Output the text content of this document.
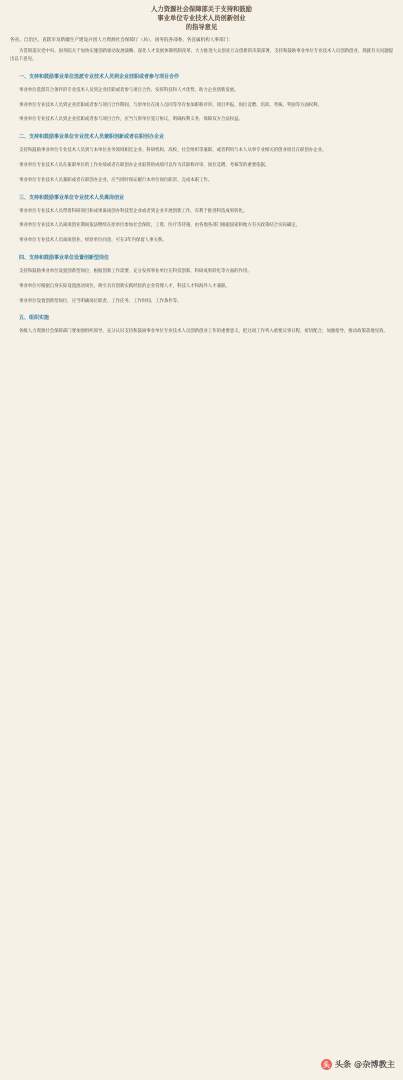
人力资源社会保障部关于支持和鼓励
事业单位专业技术人员创新创业
的指导意见
各省、自治区、直辖市及新疆生产建设兵团人力资源社会保障厅（局），国务院各部委、各直属机构人事部门：

为贯彻落实党中央、国务院关于加快实施创新驱动发展战略、深化人才发展体制机制改革、大力推进大众创业万众创新的决策部署，支持和鼓励事业单位专业技术人员创新创业，现就有关问题提出以下意见。

一、支持和鼓励事业单位选派专业技术人员到企业挂职或者参与项目合作

事业单位选派符合条件的专业技术人员到企业挂职或者参与项目合作，发挥科技和人才优势，助力企业创新发展。

事业单位专业技术人员到企业挂职或者参与项目合作期间，与原单位在岗人员同等享有参加职称评审、项目申报、岗位竞聘、培训、考核、奖励等方面权利。

事业单位专业技术人员到企业挂职或者参与项目合作，应当与原单位签订协议，明确权利义务，保障双方合法权益。

二、支持和鼓励事业单位专业技术人员兼职创新或者在职创办企业

支持和鼓励事业单位专业技术人员到与本单位业务领域相近企业、科研机构、高校、社会组织等兼职，或者利用与本人从事专业相关的创业项目在职创办企业。

事业单位专业技术人员在兼职单位的工作业绩或者在职创办企业取得的成绩可以作为其职称评审、岗位竞聘、考核等的重要依据。

事业单位专业技术人员兼职或者在职创办企业，应当同时保证履行本单位岗位职责、完成本职工作。

三、支持和鼓励事业单位专业技术人员离岗创业

事业单位专业技术人员带着科研项目和成果离岗创办科技型企业或者到企业开展创新工作，有利于推进科技成果转化。

事业单位专业技术人员离岗创业期间依法继续在原单位参加社会保险，工资、医疗等待遇，由各地各部门根据国家和地方有关政策结合实际确定。

事业单位专业技术人员离岗创业，经原单位同意，可在3年内保留人事关系。

四、支持和鼓励事业单位设置创新型岗位

支持和鼓励事业单位设置创新型岗位，根据创新工作需要，充分发挥事业单位在科技创新、科研成果转化等方面的作用。

事业单位可根据自身实际设置流动岗位，吸引具有创新实践经验的企业管理人才、科技人才和海外人才兼职。

事业单位设置创新型岗位，应当明确岗位职责、工作任务、工作时间、工作条件等。

五、组织实施

各级人力资源社会保障部门要加强组织领导，充分认识支持和鼓励事业单位专业技术人员创新创业工作的重要意义，把这项工作列入重要议事日程，密切配合，加强指导，推动政策落地见效。

头 头条 @杂博教主
